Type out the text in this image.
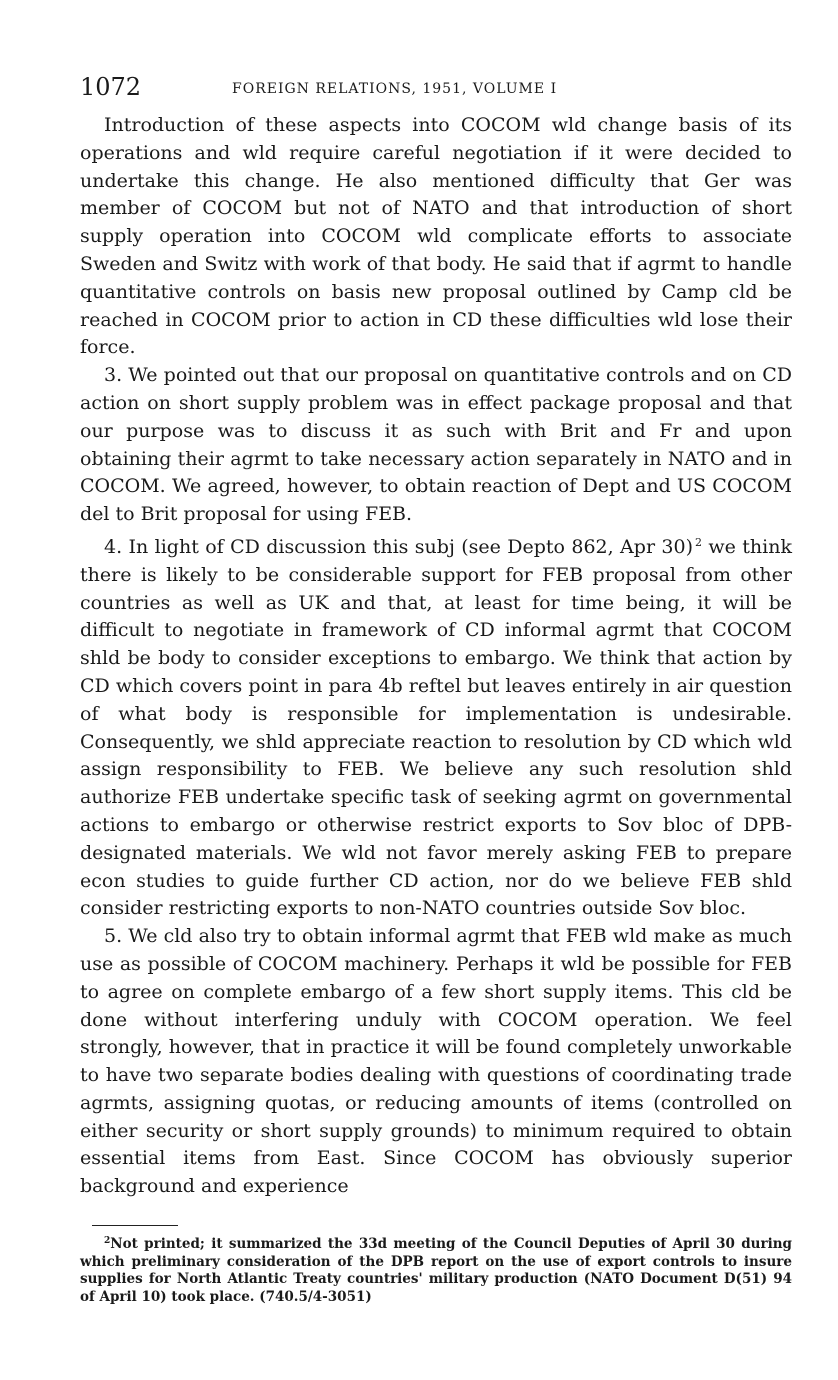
1072	FOREIGN RELATIONS, 1951, VOLUME I

Introduction of these aspects into COCOM wld change basis of its operations and wld require careful negotiation if it were decided to undertake this change. He also mentioned difficulty that Ger was member of COCOM but not of NATO and that introduction of short supply operation into COCOM wld complicate efforts to associate Sweden and Switz with work of that body. He said that if agrmt to handle quantitative controls on basis new proposal outlined by Camp cld be reached in COCOM prior to action in CD these difficulties wld lose their force.

3. We pointed out that our proposal on quantitative controls and on CD action on short supply problem was in effect package proposal and that our purpose was to discuss it as such with Brit and Fr and upon obtaining their agrmt to take necessary action separately in NATO and in COCOM. We agreed, however, to obtain reaction of Dept and US COCOM del to Brit proposal for using FEB.

4. In light of CD discussion this subj (see Depto 862, Apr 30) $^2$ we think there is likely to be considerable support for FEB proposal from other countries as well as UK and that, at least for time being, it will be difficult to negotiate in framework of CD informal agrmt that COCOM shld be body to consider exceptions to embargo. We think that action by CD which covers point in para 4b reftel but leaves entirely in air question of what body is responsible for implementation is undesirable. Consequently, we shld appreciate reaction to resolution by CD which wld assign responsibility to FEB. We believe any such resolution shld authorize FEB undertake specific task of seeking agrmt on governmental actions to embargo or otherwise restrict exports to Sov bloc of DPB-designated materials. We wld not favor merely asking FEB to prepare econ studies to guide further CD action, nor do we believe FEB shld consider restricting exports to non-NATO countries outside Sov bloc.

5. We cld also try to obtain informal agrmt that FEB wld make as much use as possible of COCOM machinery. Perhaps it wld be possible for FEB to agree on complete embargo of a few short supply items. This cld be done without interfering unduly with COCOM operation. We feel strongly, however, that in practice it will be found completely unworkable to have two separate bodies dealing with questions of coordinating trade agrmts, assigning quotas, or reducing amounts of items (controlled on either security or short supply grounds) to minimum required to obtain essential items from East. Since COCOM has obviously superior background and experience

$^2$Not printed; it summarized the 33d meeting of the Council Deputies of April 30 during which preliminary consideration of the DPB report on the use of export controls to insure supplies for North Atlantic Treaty countries' military production (NATO Document D(51) 94 of April 10) took place. (740.5/4-3051)
